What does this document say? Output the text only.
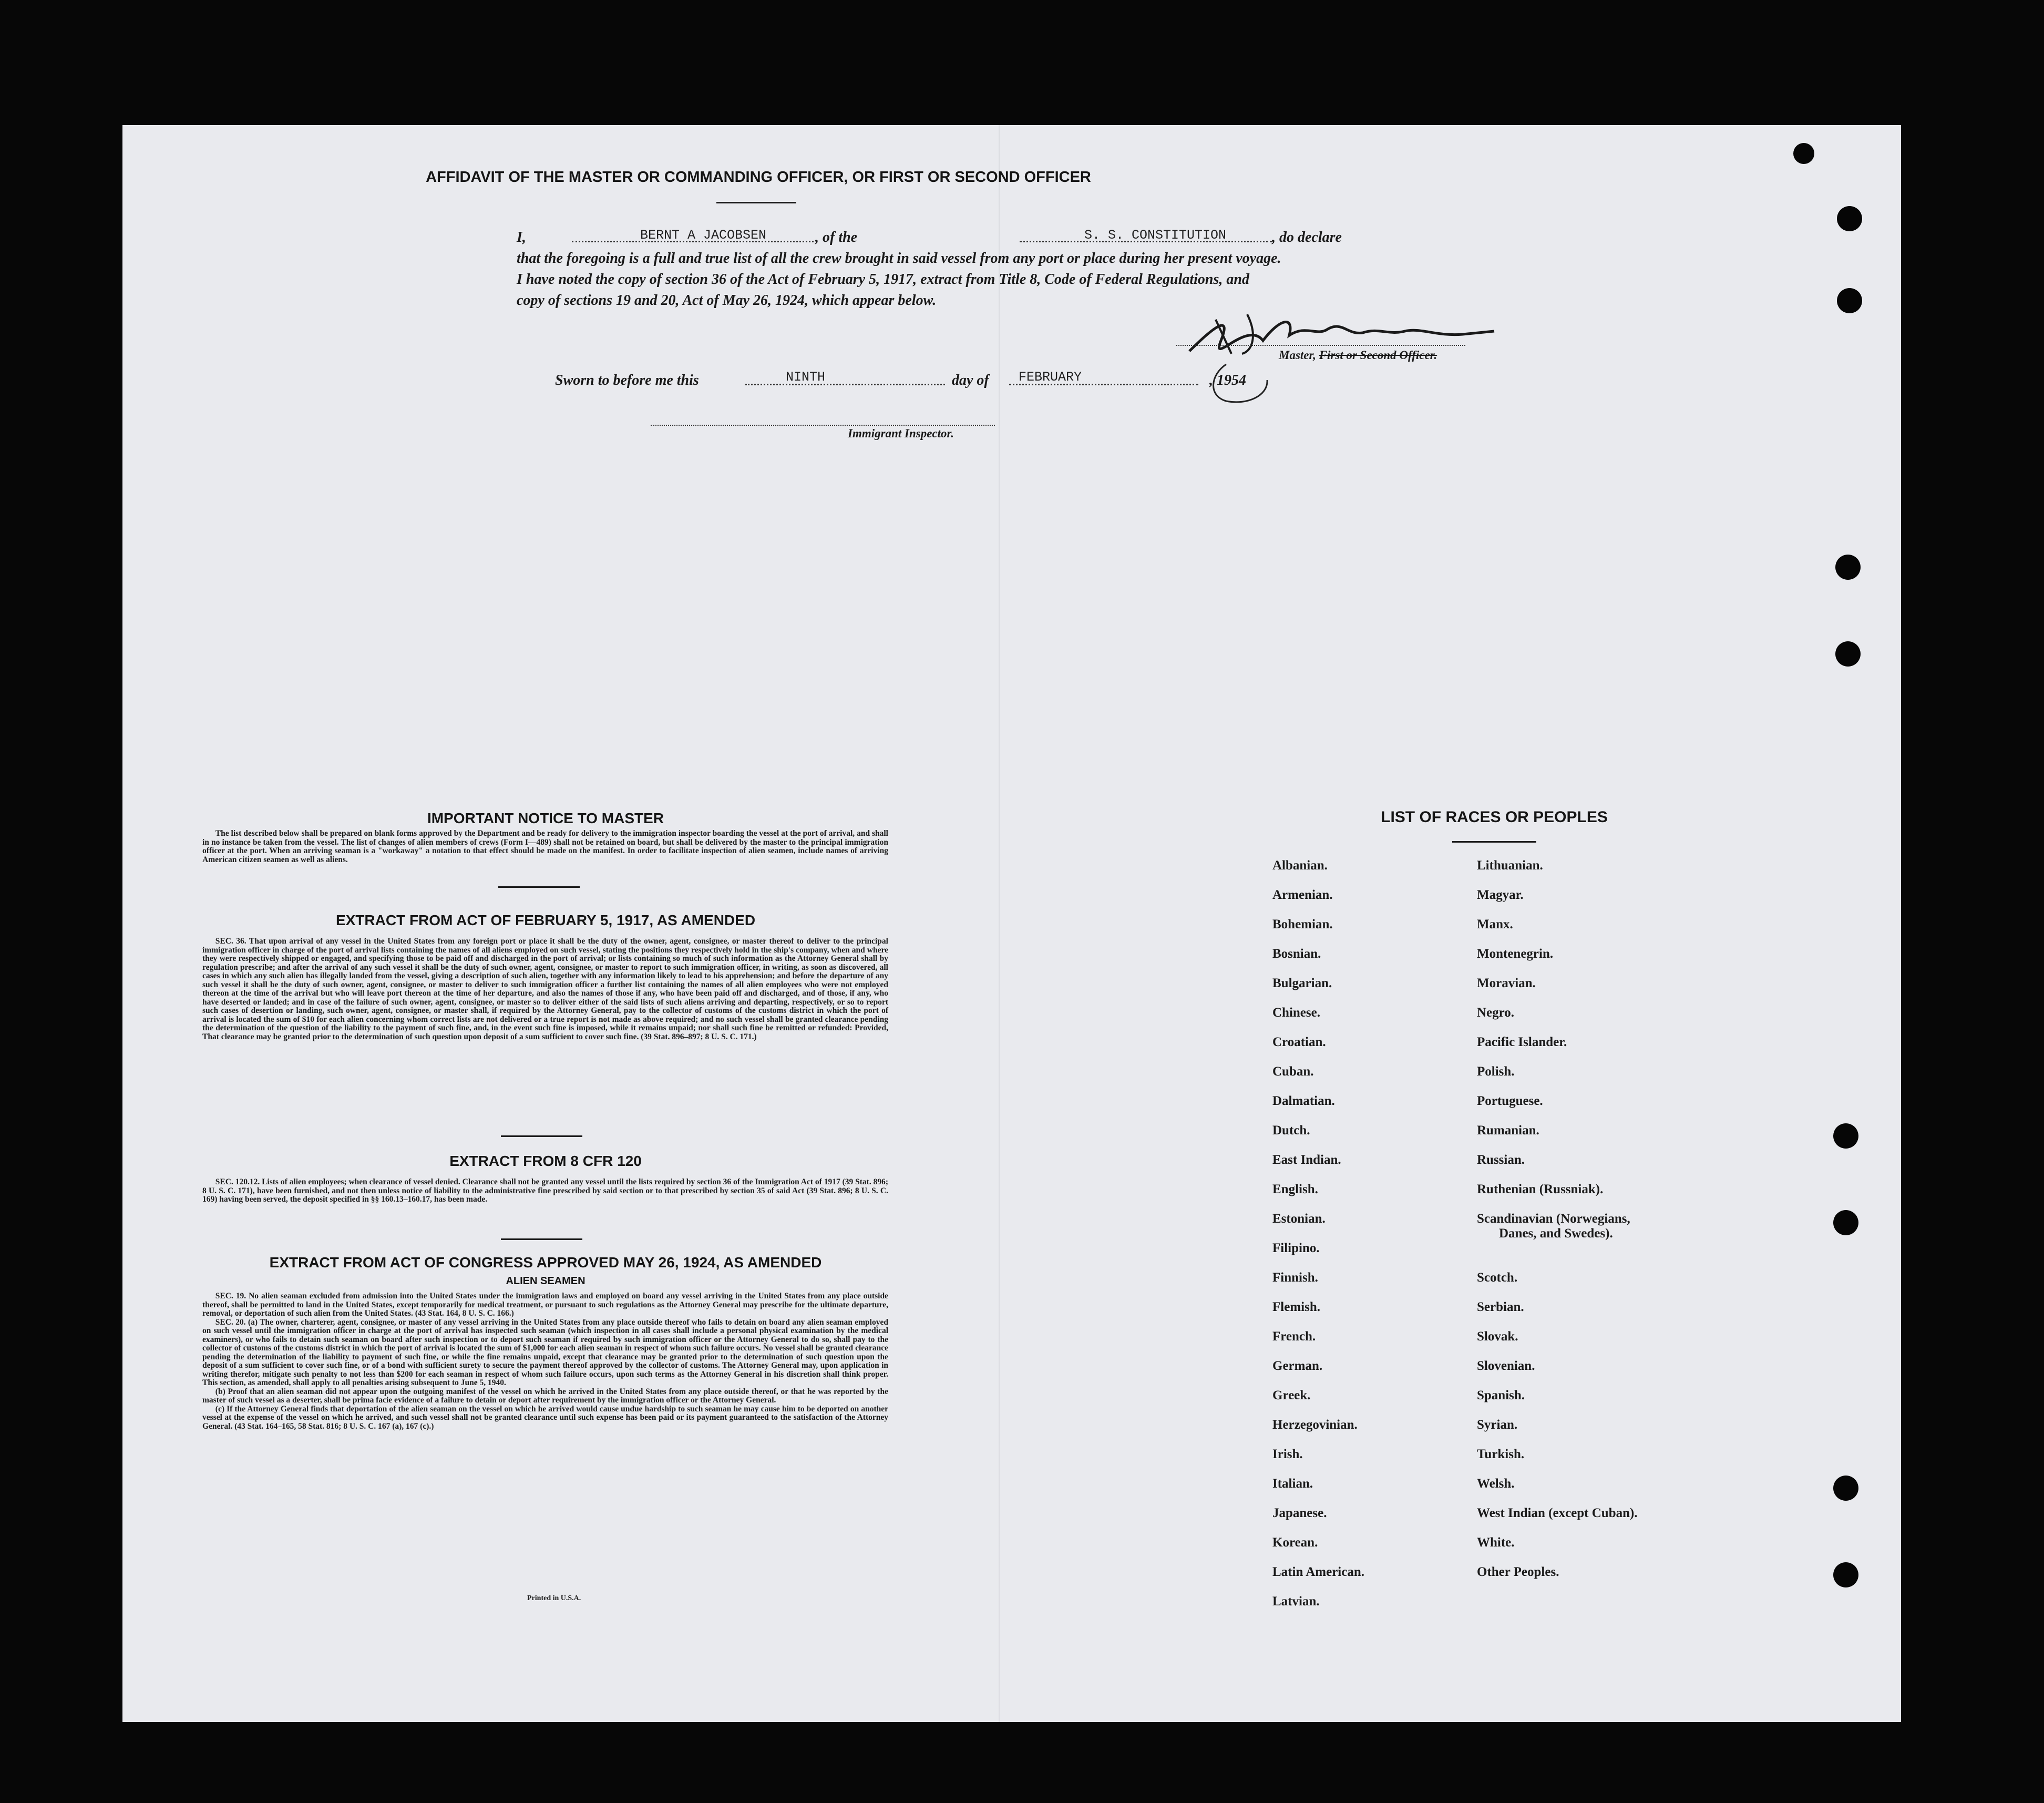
AFFIDAVIT OF THE MASTER OR COMMANDING OFFICER, OR FIRST OR SECOND OFFICER
I,	BERNT A JACOBSEN	, of the	S. S. CONSTITUTION	, do declare
that the foregoing is a full and true list of all the crew brought in said vessel from any port or place during her present voyage.
I have noted the copy of section 36 of the Act of February 5, 1917, extract from Title 8, Code of Federal Regulations, and
copy of sections 19 and 20, Act of May 26, 1924, which appear below.
Master, First or Second Officer.
Sworn to before me this	NINTH	day of FEBRUARY	, 1954
Immigrant Inspector.
IMPORTANT NOTICE TO MASTER

The list described below shall be prepared on blank forms approved by the Department and be ready for delivery to the immigration inspector boarding the vessel at the port of arrival, and shall in no instance be taken from the vessel. The list of changes of alien members of crews (Form I—489) shall not be retained on board, but shall be delivered by the master to the principal immigration officer at the port. When an arriving seaman is a "workaway" a notation to that effect should be made on the manifest. In order to facilitate inspection of alien seamen, include names of arriving American citizen seamen as well as aliens.

EXTRACT FROM ACT OF FEBRUARY 5, 1917, AS AMENDED

SEC. 36. That upon arrival of any vessel in the United States from any foreign port or place it shall be the duty of the owner, agent, consignee, or master thereof to deliver to the principal immigration officer in charge of the port of arrival lists containing the names of all aliens employed on such vessel, stating the positions they respectively hold in the ship's company, when and where they were respectively shipped or engaged, and specifying those to be paid off and discharged in the port of arrival; or lists containing so much of such information as the Attorney General shall by regulation prescribe; and after the arrival of any such vessel it shall be the duty of such owner, agent, consignee, or master to report to such immigration officer, in writing, as soon as discovered, all cases in which any such alien has illegally landed from the vessel, giving a description of such alien, together with any information likely to lead to his apprehension; and before the departure of any such vessel it shall be the duty of such owner, agent, consignee, or master to deliver to such immigration officer a further list containing the names of all alien employees who were not employed thereon at the time of the arrival but who will leave port thereon at the time of her departure, and also the names of those if any, who have been paid off and discharged, and of those, if any, who have deserted or landed; and in case of the failure of such owner, agent, consignee, or master so to deliver either of the said lists of such aliens arriving and departing, respectively, or so to report such cases of desertion or landing, such owner, agent, consignee, or master shall, if required by the Attorney General, pay to the collector of customs of the customs district in which the port of arrival is located the sum of $10 for each alien concerning whom correct lists are not delivered or a true report is not made as above required; and no such vessel shall be granted clearance pending the determination of the question of the liability to the payment of such fine, and, in the event such fine is imposed, while it remains unpaid; nor shall such fine be remitted or refunded: Provided, That clearance may be granted prior to the determination of such question upon deposit of a sum sufficient to cover such fine. (39 Stat. 896–897; 8 U. S. C. 171.)

EXTRACT FROM 8 CFR 120

SEC. 120.12. Lists of alien employees; when clearance of vessel denied. Clearance shall not be granted any vessel until the lists required by section 36 of the Immigration Act of 1917 (39 Stat. 896; 8 U. S. C. 171), have been furnished, and not then unless notice of liability to the administrative fine prescribed by said section or to that prescribed by section 35 of said Act (39 Stat. 896; 8 U. S. C. 169) having been served, the deposit specified in §§ 160.13–160.17, has been made.

EXTRACT FROM ACT OF CONGRESS APPROVED MAY 26, 1924, AS AMENDED
ALIEN SEAMEN

SEC. 19. No alien seaman excluded from admission into the United States under the immigration laws and employed on board any vessel arriving in the United States from any place outside thereof, shall be permitted to land in the United States, except temporarily for medical treatment, or pursuant to such regulations as the Attorney General may prescribe for the ultimate departure, removal, or deportation of such alien from the United States. (43 Stat. 164, 8 U. S. C. 166.)

SEC. 20. (a) The owner, charterer, agent, consignee, or master of any vessel arriving in the United States from any place outside thereof who fails to detain on board any alien seaman employed on such vessel until the immigration officer in charge at the port of arrival has inspected such seaman (which inspection in all cases shall include a personal physical examination by the medical examiners), or who fails to detain such seaman on board after such inspection or to deport such seaman if required by such immigration officer or the Attorney General to do so, shall pay to the collector of customs of the customs district in which the port of arrival is located the sum of $1,000 for each alien seaman in respect of whom such failure occurs. No vessel shall be granted clearance pending the determination of the liability to payment of such fine, or while the fine remains unpaid, except that clearance may be granted prior to the determination of such question upon the deposit of a sum sufficient to cover such fine, or of a bond with sufficient surety to secure the payment thereof approved by the collector of customs. The Attorney General may, upon application in writing therefor, mitigate such penalty to not less than $200 for each seaman in respect of whom such failure occurs, upon such terms as the Attorney General in his discretion shall think proper. This section, as amended, shall apply to all penalties arising subsequent to June 5, 1940.

(b) Proof that an alien seaman did not appear upon the outgoing manifest of the vessel on which he arrived in the United States from any place outside thereof, or that he was reported by the master of such vessel as a deserter, shall be prima facie evidence of a failure to detain or deport after requirement by the immigration officer or the Attorney General.

(c) If the Attorney General finds that deportation of the alien seaman on the vessel on which he arrived would cause undue hardship to such seaman he may cause him to be deported on another vessel at the expense of the vessel on which he arrived, and such vessel shall not be granted clearance until such expense has been paid or its payment guaranteed to the satisfaction of the Attorney General. (43 Stat. 164–165, 58 Stat. 816; 8 U. S. C. 167 (a), 167 (c).)

Printed in U.S.A.
LIST OF RACES OR PEOPLES
Albanian.
Armenian.
Bohemian.
Bosnian.
Bulgarian.
Chinese.
Croatian.
Cuban.
Dalmatian.
Dutch.
East Indian.
English.
Estonian.
Filipino.
Finnish.
Flemish.
French.
German.
Greek.
Herzegovinian.
Irish.
Italian.
Japanese.
Korean.
Latin American.
Latvian.
Lithuanian.
Magyar.
Manx.
Montenegrin.
Moravian.
Negro.
Pacific Islander.
Polish.
Portuguese.
Rumanian.
Russian.
Ruthenian (Russniak).
Scandinavian (Norwegians,
Danes, and Swedes).
Scotch.
Serbian.
Slovak.
Slovenian.
Spanish.
Syrian.
Turkish.
Welsh.
West Indian (except Cuban).
White.
Other Peoples.
